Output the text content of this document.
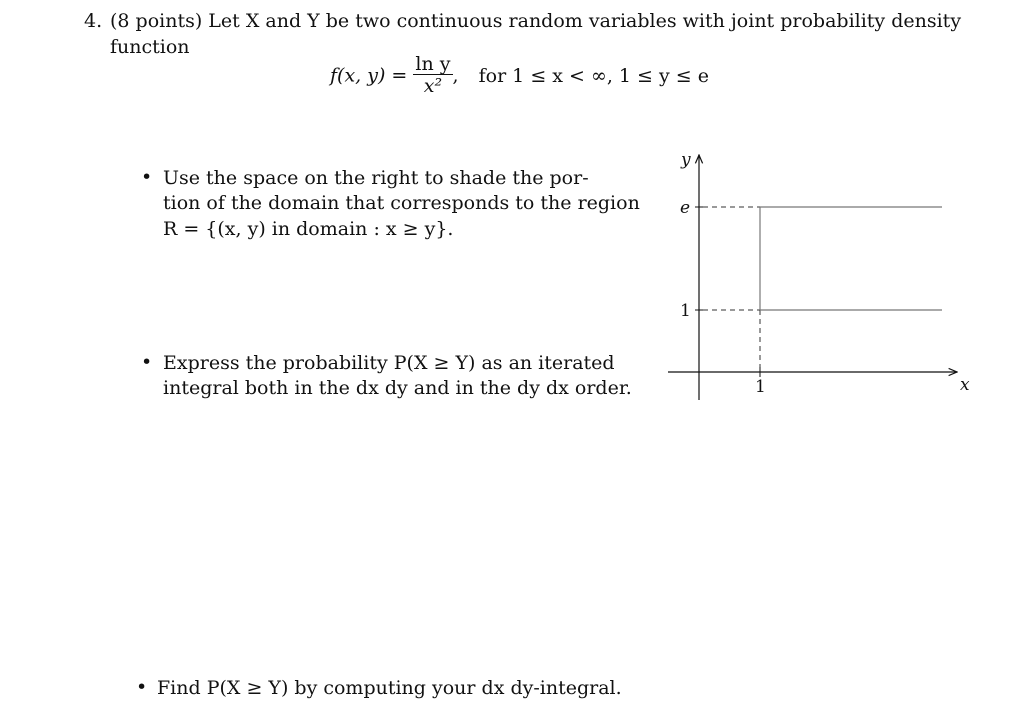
4. (8 points) Let X and Y be two continuous random variables with joint probability density
function
f(x, $y) = \frac{\text{ln y}}{\text{x²}}$ , for 1 ≤ x < ∞, 1 ≤ y ≤ e
• Use the space on the right to shade the por-
tion of the domain that corresponds to the region
R = {(x, y) in domain : x ≥ y}.
• Express the probability P(X ≥ Y) as an iterated
integral both in the dx dy and in the dy dx order.
• Find P(X ≥ Y) by computing your dx dy-integral.
y
x
e
1
1
